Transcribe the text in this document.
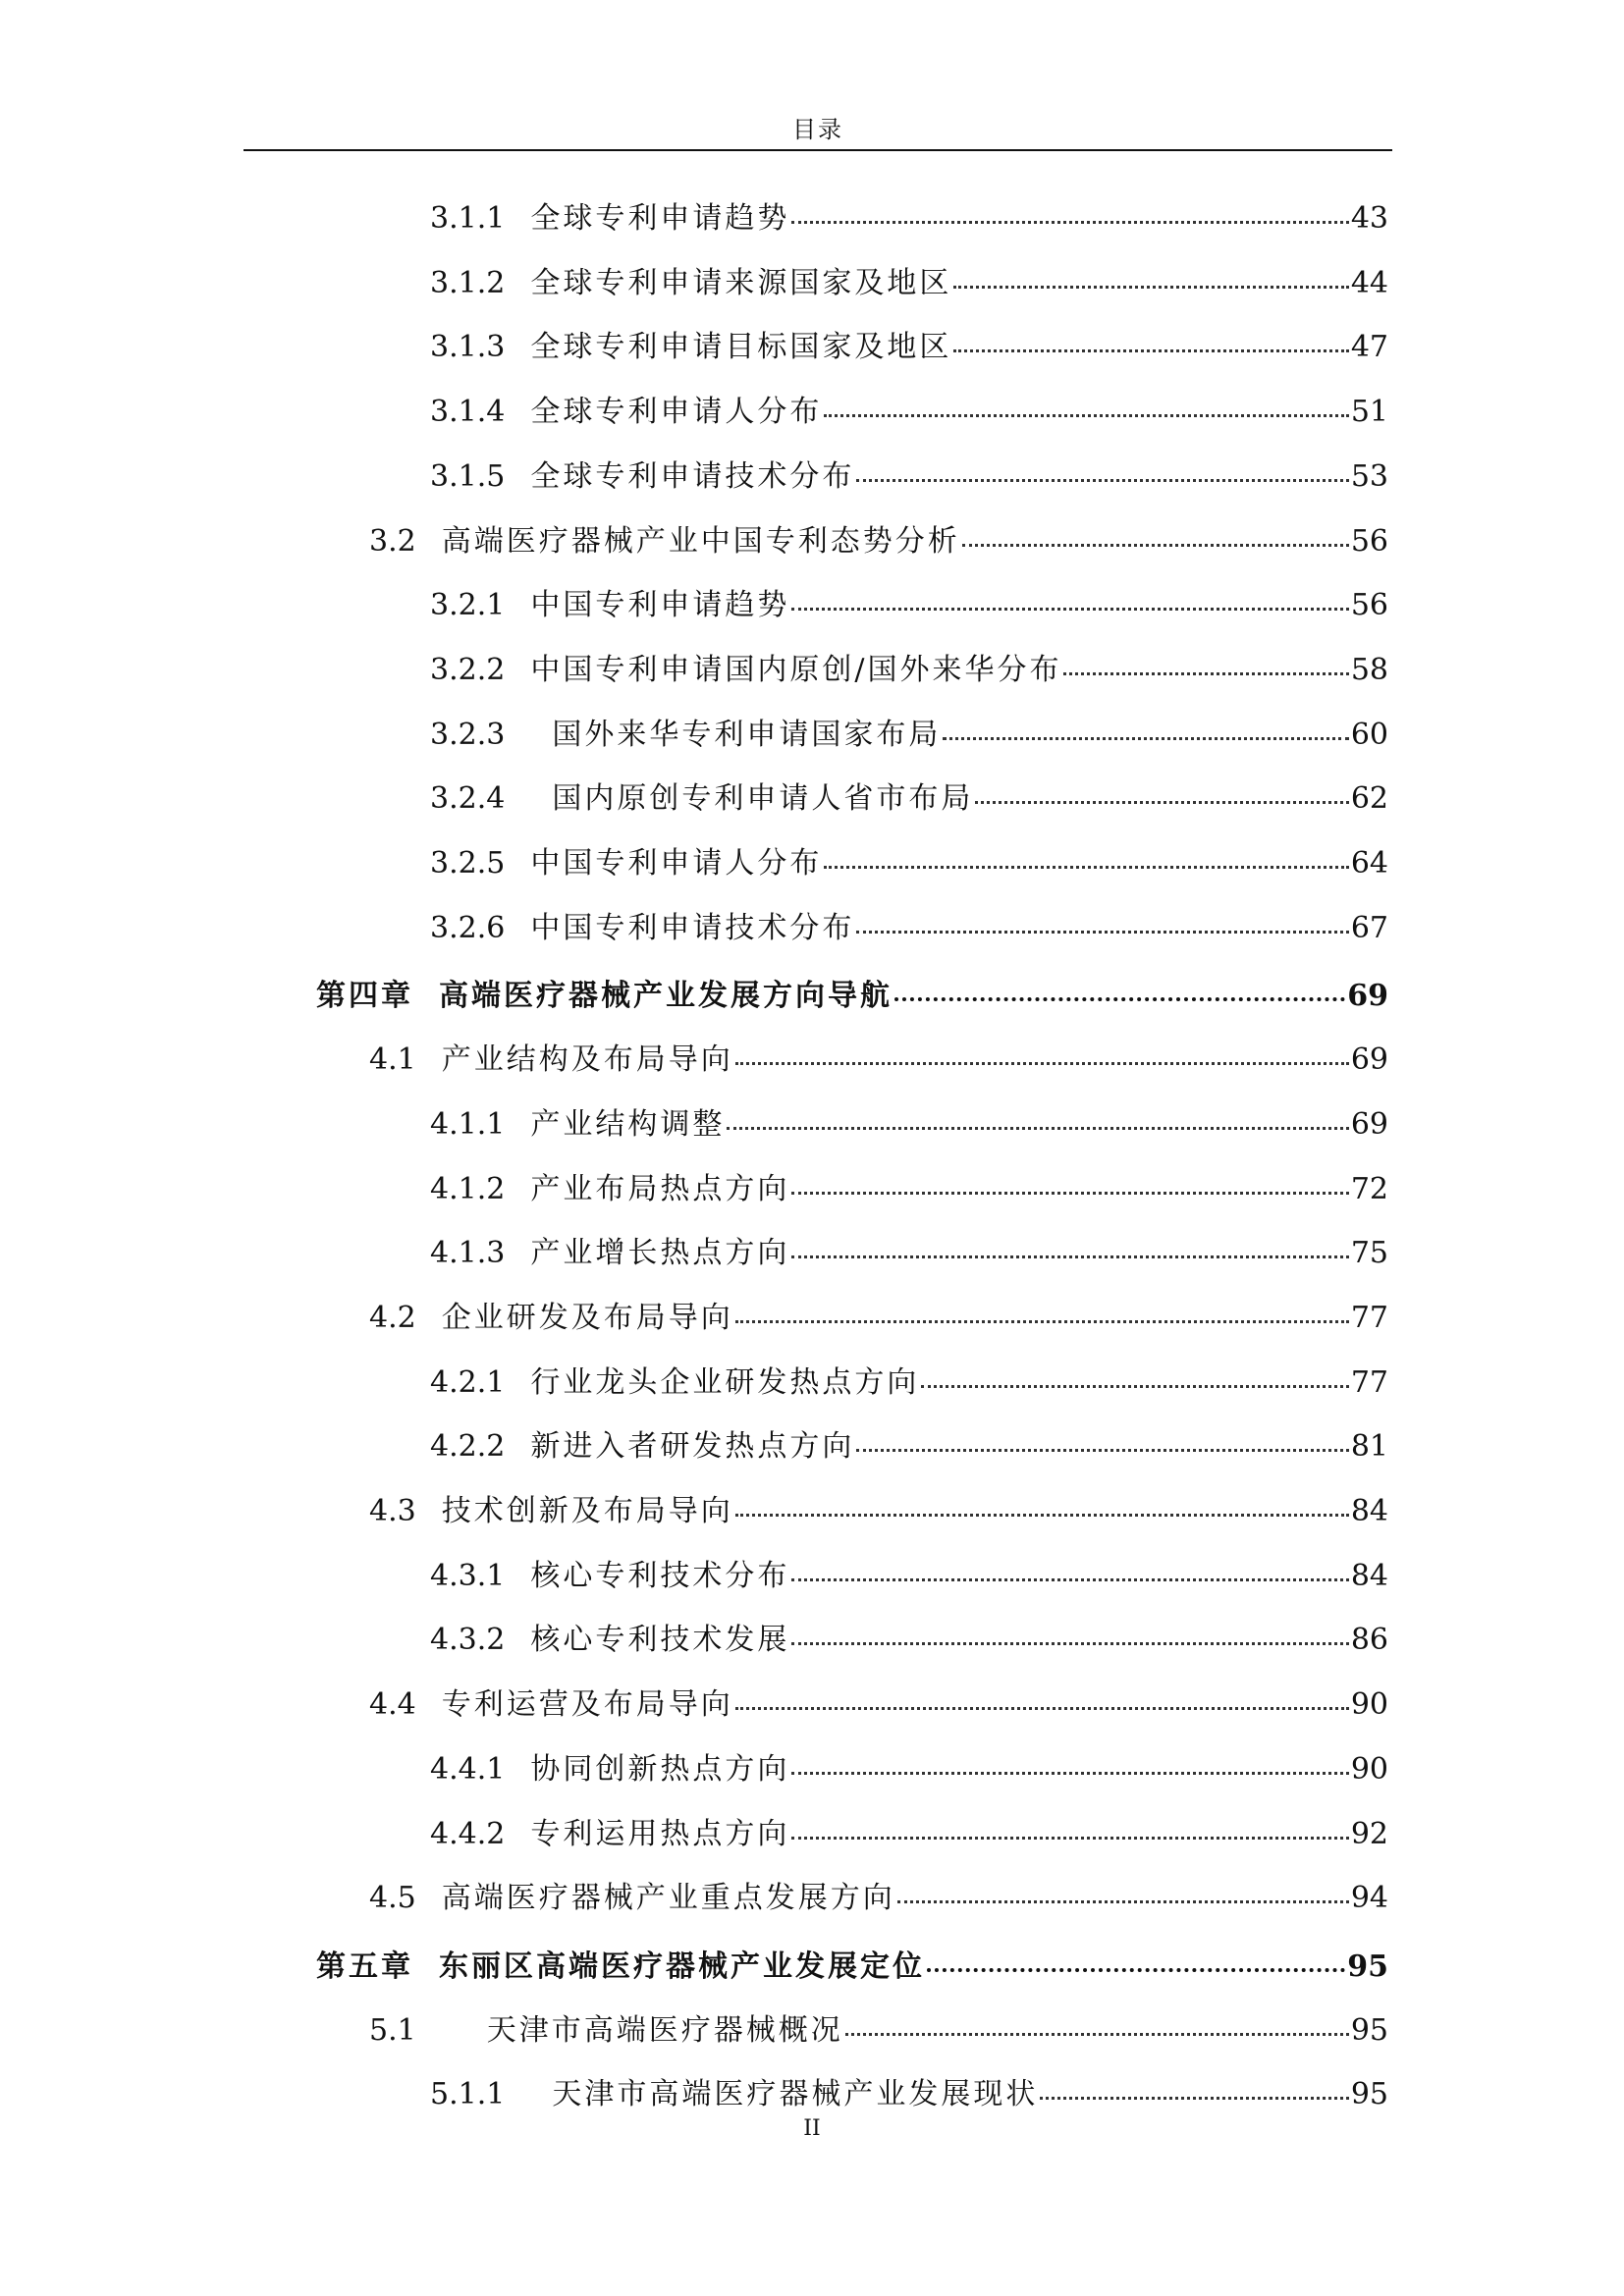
目录
3.1.1 全球专利申请趋势	43
3.1.2 全球专利申请来源国家及地区	44
3.1.3 全球专利申请目标国家及地区	47
3.1.4 全球专利申请人分布	51
3.1.5 全球专利申请技术分布	53
3.2 高端医疗器械产业中国专利态势分析	56
3.2.1 中国专利申请趋势	56
3.2.2 中国专利申请国内原创/国外来华分布	58
3.2.3 国外来华专利申请国家布局	60
3.2.4 国内原创专利申请人省市布局	62
3.2.5 中国专利申请人分布	64
3.2.6 中国专利申请技术分布	67
第四章 高端医疗器械产业发展方向导航	69
4.1 产业结构及布局导向	69
4.1.1 产业结构调整	69
4.1.2 产业布局热点方向	72
4.1.3 产业增长热点方向	75
4.2 企业研发及布局导向	77
4.2.1 行业龙头企业研发热点方向	77
4.2.2 新进入者研发热点方向	81
4.3 技术创新及布局导向	84
4.3.1 核心专利技术分布	84
4.3.2 核心专利技术发展	86
4.4 专利运营及布局导向	90
4.4.1 协同创新热点方向	90
4.4.2 专利运用热点方向	92
4.5 高端医疗器械产业重点发展方向	94
第五章 东丽区高端医疗器械产业发展定位	95
5.1 天津市高端医疗器械概况	95
5.1.1 天津市高端医疗器械产业发展现状	95
II
